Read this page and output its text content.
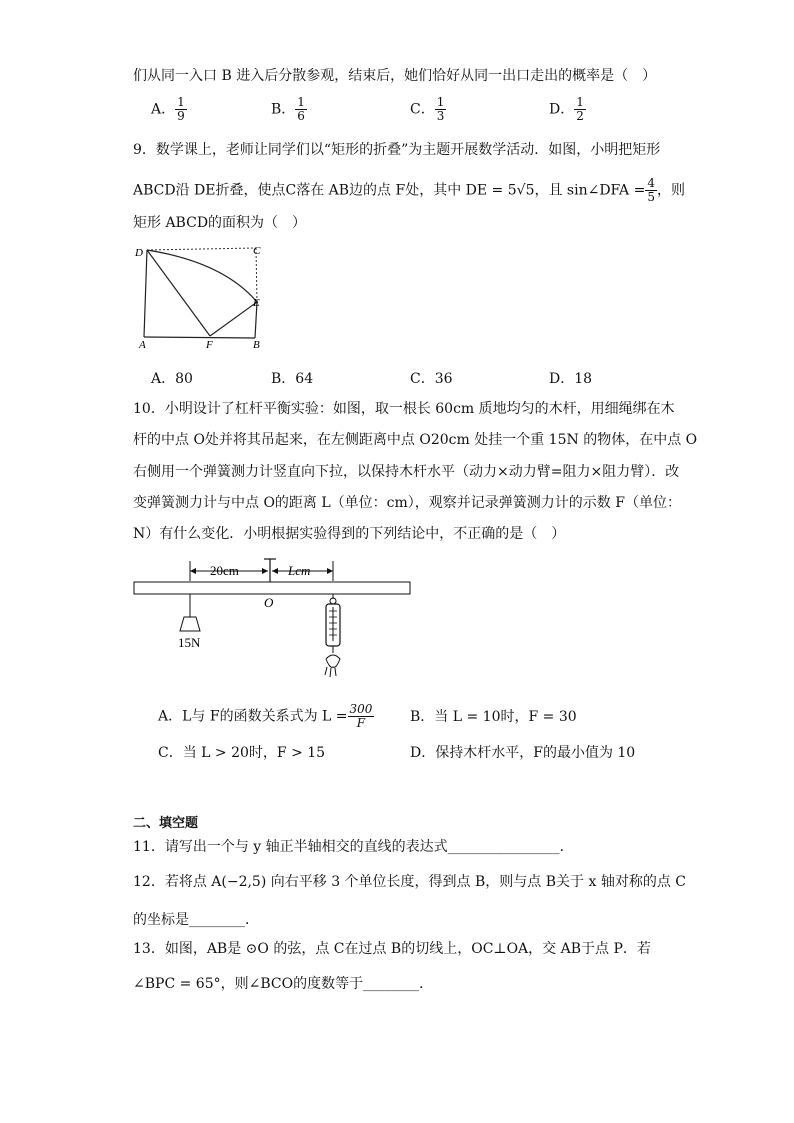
们从同一入口 B 进入后分散参观，结束后，她们恰好从同一出口走出的概率是（　）
A． $\frac{1}{9}$	B． $\frac{1}{6}$	C． $\frac{1}{3}$	D． $\frac{1}{2}$
9．数学课上，老师让同学们以“矩形的折叠”为主题开展数学活动．如图，小明把矩形
ABCD沿 DE折叠，使点C落在 AB边的点 F处，其中 DE = 5√5，且 sin∠DFA = $\frac{4}{5}$ ，则
矩形 ABCD的面积为（　）
D	C
E
A	F	B
A．80	B．64	C．36	D．18
10．小明设计了杠杆平衡实验：如图，取一根长 60cm 质地均匀的木杆，用细绳绑在木
杆的中点 O处并将其吊起来，在左侧距离中点 O20cm 处挂一个重 15N 的物体，在中点 O
右侧用一个弹簧测力计竖直向下拉，以保持木杆水平（动力×动力臂=阻力×阻力臂）．改
变弹簧测力计与中点 O的距离 L（单位：cm），观察并记录弹簧测力计的示数 F（单位：
N）有什么变化．小明根据实验得到的下列结论中，不正确的是（　）
20cm	Lcm
O
15N
A．L与 F的函数关系式为 $L = \frac{300}{F}$	B．当 L = 10时，F = 30
C．当 L > 20时，F > 15	D．保持木杆水平，F的最小值为 10
二、填空题
11．请写出一个与 y 轴正半轴相交的直线的表达式________________．
12．若将点 A(−2,5) 向右平移 3 个单位长度，得到点 B，则与点 B关于 x 轴对称的点 C
的坐标是________．
13．如图，AB是 ⊙O 的弦，点 C在过点 B的切线上，OC⊥OA，交 AB于点 P．若
∠BPC = 65°，则∠BCO的度数等于________．
